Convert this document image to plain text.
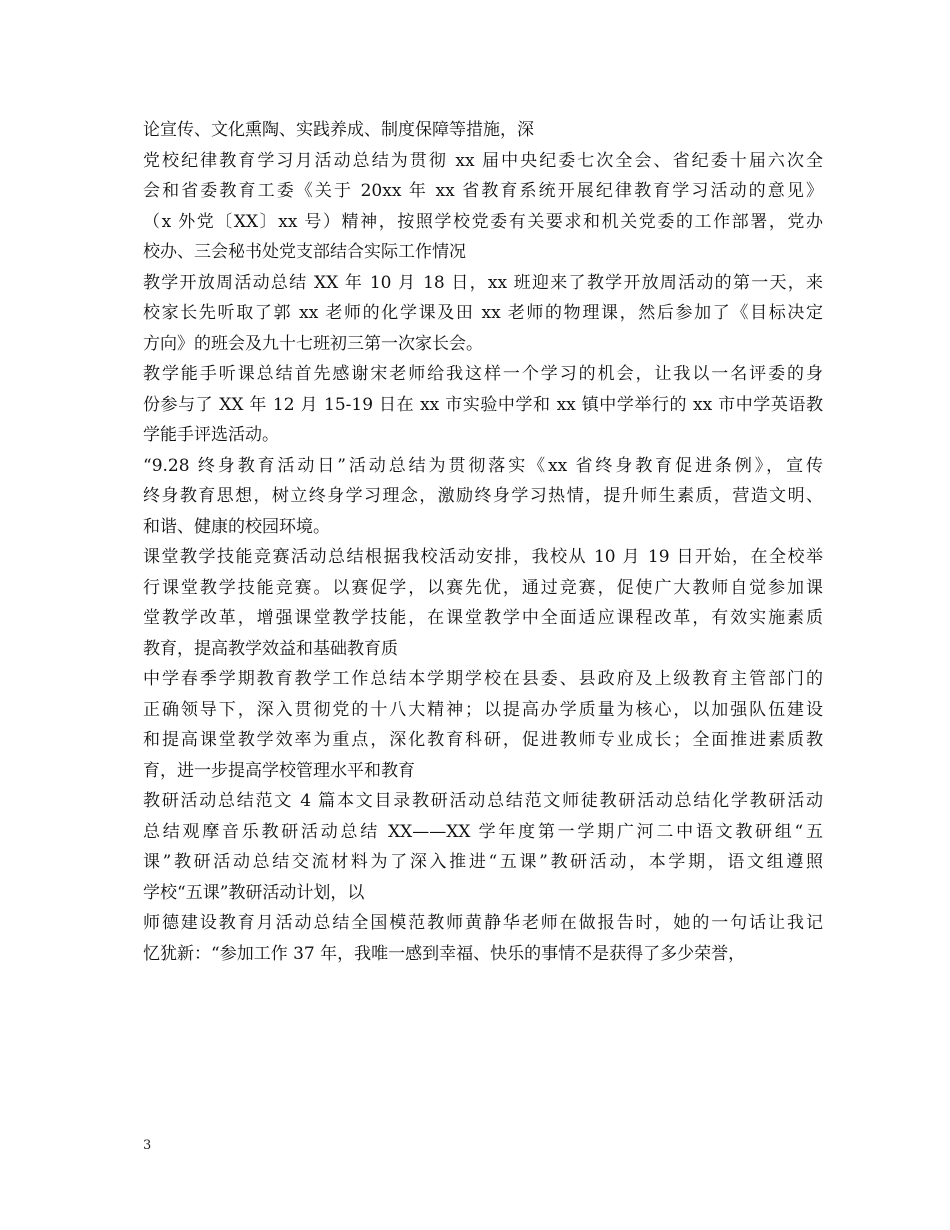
论宣传、文化熏陶、实践养成、制度保障等措施，深
党校纪律教育学习月活动总结为贯彻 xx 届中央纪委七次全会、省纪委十届六次全
会和省委教育工委《关于 20xx 年 xx 省教育系统开展纪律教育学习活动的意见》
（x 外党〔XX〕xx 号）精神，按照学校党委有关要求和机关党委的工作部署，党办
校办、三会秘书处党支部结合实际工作情况
教学开放周活动总结 XX 年 10 月 18 日，xx 班迎来了教学开放周活动的第一天，来
校家长先听取了郭 xx 老师的化学课及田 xx 老师的物理课，然后参加了《目标决定
方向》的班会及九十七班初三第一次家长会。
教学能手听课总结首先感谢宋老师给我这样一个学习的机会，让我以一名评委的身
份参与了 XX 年 12 月 15-19 日在 xx 市实验中学和 xx 镇中学举行的 xx 市中学英语教
学能手评选活动。
“9.28 终身教育活动日”活动总结为贯彻落实《xx 省终身教育促进条例》，宣传
终身教育思想，树立终身学习理念，激励终身学习热情，提升师生素质，营造文明、
和谐、健康的校园环境。
课堂教学技能竞赛活动总结根据我校活动安排，我校从 10 月 19 日开始，在全校举
行课堂教学技能竞赛。以赛促学，以赛先优，通过竞赛，促使广大教师自觉参加课
堂教学改革，增强课堂教学技能，在课堂教学中全面适应课程改革，有效实施素质
教育，提高教学效益和基础教育质
中学春季学期教育教学工作总结本学期学校在县委、县政府及上级教育主管部门的
正确领导下，深入贯彻党的十八大精神；以提高办学质量为核心，以加强队伍建设
和提高课堂教学效率为重点，深化教育科研，促进教师专业成长；全面推进素质教
育，进一步提高学校管理水平和教育
教研活动总结范文 4 篇本文目录教研活动总结范文师徒教研活动总结化学教研活动
总结观摩音乐教研活动总结 XX——XX 学年度第一学期广河二中语文教研组“五
课”教研活动总结交流材料为了深入推进“五课”教研活动，本学期，语文组遵照
学校“五课”教研活动计划，以
师德建设教育月活动总结全国模范教师黄静华老师在做报告时，她的一句话让我记
忆犹新：“参加工作 37 年，我唯一感到幸福、快乐的事情不是获得了多少荣誉，
3
